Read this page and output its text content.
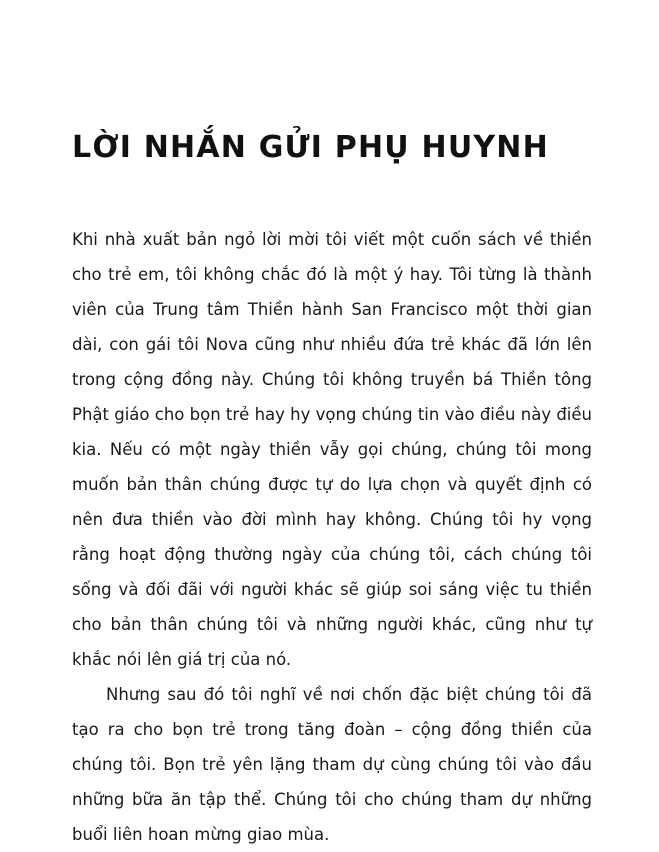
LỜI NHẮN GỬI PHỤ HUYNH

Khi nhà xuất bản ngỏ lời mời tôi viết một cuốn sách về thiền cho trẻ em, tôi không chắc đó là một ý hay. Tôi từng là thành viên của Trung tâm Thiền hành San Francisco một thời gian dài, con gái tôi Nova cũng như nhiều đứa trẻ khác đã lớn lên trong cộng đồng này. Chúng tôi không truyền bá Thiền tông Phật giáo cho bọn trẻ hay hy vọng chúng tin vào điều này điều kia. Nếu có một ngày thiền vẫy gọi chúng, chúng tôi mong muốn bản thân chúng được tự do lựa chọn và quyết định có nên đưa thiền vào đời mình hay không. Chúng tôi hy vọng rằng hoạt động thường ngày của chúng tôi, cách chúng tôi sống và đối đãi với người khác sẽ giúp soi sáng việc tu thiền cho bản thân chúng tôi và những người khác, cũng như tự khắc nói lên giá trị của nó.

Nhưng sau đó tôi nghĩ về nơi chốn đặc biệt chúng tôi đã tạo ra cho bọn trẻ trong tăng đoàn – cộng đồng thiền của chúng tôi. Bọn trẻ yên lặng tham dự cùng chúng tôi vào đầu những bữa ăn tập thể. Chúng tôi cho chúng tham dự những buổi liên hoan mừng giao mùa.
